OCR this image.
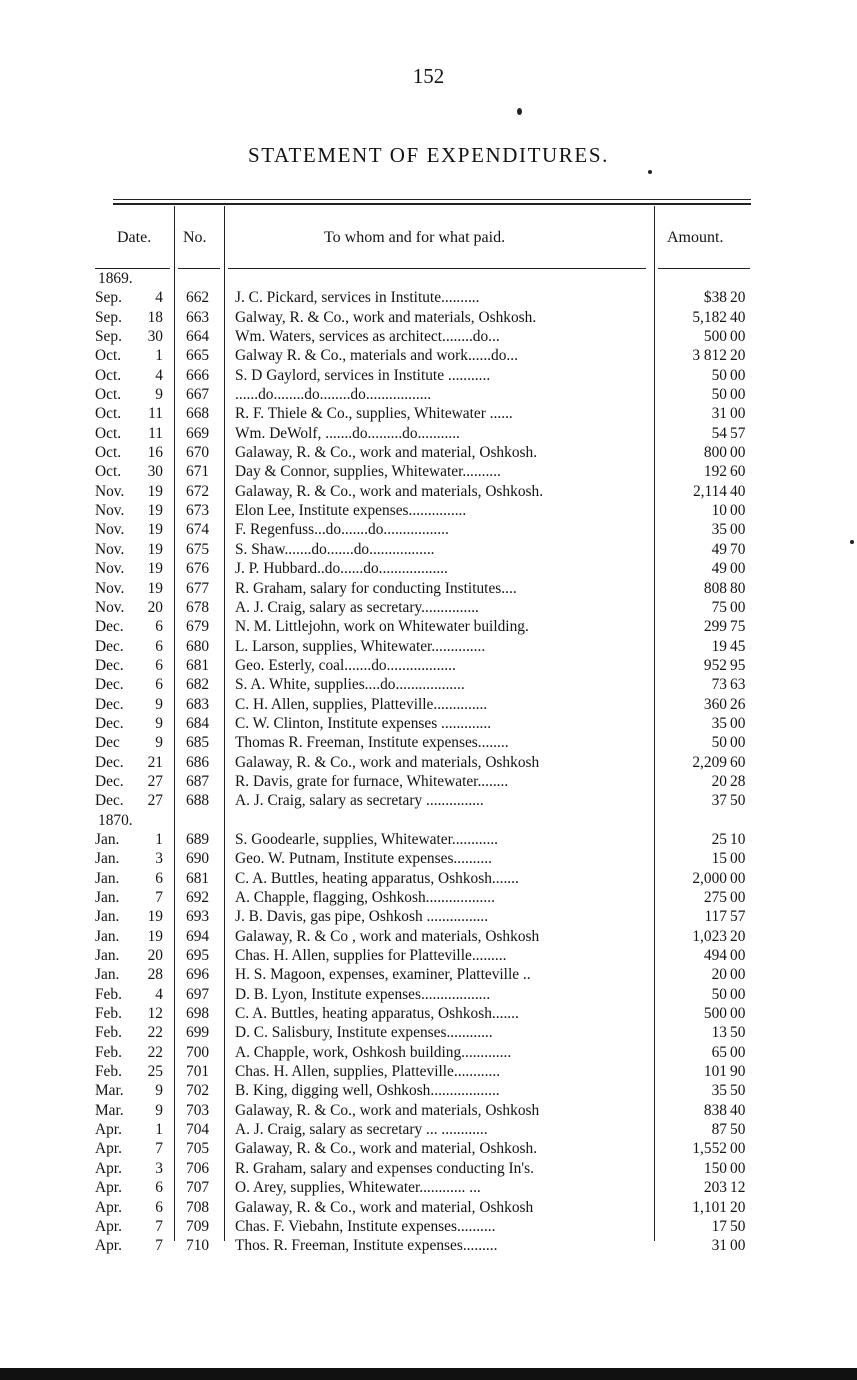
152
STATEMENT OF EXPENDITURES.
Date. No.	To whom and for what paid.	Amount.
1869.
Sep.	4 662 J. C. Pickard, services in Institute..........	$38 20
Sep.	18 663 Galway, R. & Co., work and materials, Oshkosh.	5,182 40
Sep.	30 664 Wm. Waters, services as architect........do...	500 00
Oct.	1 665 Galway R. & Co., materials and work......do...	3 812 20
Oct.	4 666 S. D Gaylord, services in Institute ...........	50 00
Oct.	9 667 ......do........do........do.................	50 00
Oct.	11 668 R. F. Thiele & Co., supplies, Whitewater ......	31 00
Oct.	11 669 Wm. DeWolf, .......do.........do...........	54 57
Oct.	16 670 Galaway, R. & Co., work and material, Oshkosh.	800 00
Oct.	30 671 Day & Connor, supplies, Whitewater..........	192 60
Nov.	19 672 Galaway, R. & Co., work and materials, Oshkosh.	2,114 40
Nov.	19 673 Elon Lee, Institute expenses...............	10 00
Nov.	19 674 F. Regenfuss...do.......do.................	35 00
Nov.	19 675 S. Shaw.......do.......do.................	49 70
Nov.	19 676 J. P. Hubbard..do......do..................	49 00
Nov.	19 677 R. Graham, salary for conducting Institutes....	808 80
Nov.	20 678 A. J. Craig, salary as secretary...............	75 00
Dec.	6 679 N. M. Littlejohn, work on Whitewater building.	299 75
Dec.	6 680 L. Larson, supplies, Whitewater..............	19 45
Dec.	6 681 Geo. Esterly, coal.......do..................	952 95
Dec.	6 682 S. A. White, supplies....do..................	73 63
Dec.	9 683 C. H. Allen, supplies, Platteville..............	360 26
Dec.	9 684 C. W. Clinton, Institute expenses .............	35 00
Dec	9 685 Thomas R. Freeman, Institute expenses........	50 00
Dec.	21 686 Galaway, R. & Co., work and materials, Oshkosh	2,209 60
Dec.	27 687 R. Davis, grate for furnace, Whitewater........	20 28
Dec.	27 688 A. J. Craig, salary as secretary ...............	37 50
1870.
Jan.	1 689 S. Goodearle, supplies, Whitewater............	25 10
Jan.	3 690 Geo. W. Putnam, Institute expenses..........	15 00
Jan.	6 681 C. A. Buttles, heating apparatus, Oshkosh.......	2,000 00
Jan.	7 692 A. Chapple, flagging, Oshkosh..................	275 00
Jan.	19 693 J. B. Davis, gas pipe, Oshkosh ................	117 57
Jan.	19 694 Galaway, R. & Co , work and materials, Oshkosh	1,023 20
Jan.	20 695 Chas. H. Allen, supplies for Platteville.........	494 00
Jan.	28 696 H. S. Magoon, expenses, examiner, Platteville ..	20 00
Feb.	4 697 D. B. Lyon, Institute expenses..................	50 00
Feb.	12 698 C. A. Buttles, heating apparatus, Oshkosh.......	500 00
Feb.	22 699 D. C. Salisbury, Institute expenses............	13 50
Feb.	22 700 A. Chapple, work, Oshkosh building.............	65 00
Feb.	25 701 Chas. H. Allen, supplies, Platteville............	101 90
Mar.	9 702 B. King, digging well, Oshkosh..................	35 50
Mar.	9 703 Galaway, R. & Co., work and materials, Oshkosh	838 40
Apr.	1 704 A. J. Craig, salary as secretary ... ............	87 50
Apr.	7 705 Galaway, R. & Co., work and material, Oshkosh.	1,552 00
Apr.	3 706 R. Graham, salary and expenses conducting In's.	150 00
Apr.	6 707 O. Arey, supplies, Whitewater............ ...	203 12
Apr.	6 708 Galaway, R. & Co., work and material, Oshkosh	1,101 20
Apr.	7 709 Chas. F. Viebahn, Institute expenses..........	17 50
Apr.	7 710 Thos. R. Freeman, Institute expenses.........	31 00
